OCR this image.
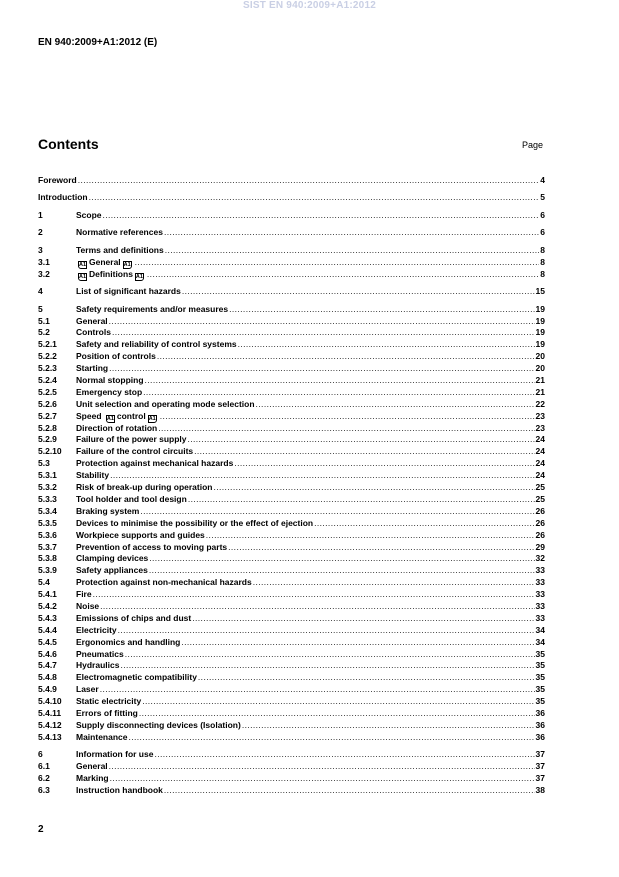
SIST EN 940:2009+A1:2012
EN 940:2009+A1:2012 (E)
Contents	Page
Foreword .....	4
Introduction .....	5
1	Scope .....	6
2	Normative references .....	6
3	Terms and definitions .....	8
3.1	A1 General A1 .....	8
3.2	A1 Definitions A1 .....	8
4	List of significant hazards .....	15
5	Safety requirements and/or measures .....	19
5.1	General .....	19
5.2	Controls .....	19
5.2.1	Safety and reliability of control systems .....	19
5.2.2	Position of controls .....	20
5.2.3	Starting .....	20
5.2.4	Normal stopping .....	21
5.2.5	Emergency stop .....	21
5.2.6	Unit selection and operating mode selection .....	22
5.2.7	Speed A1 control A1 .....	23
5.2.8	Direction of rotation .....	23
5.2.9	Failure of the power supply .....	24
5.2.10	Failure of the control circuits .....	24
5.3	Protection against mechanical hazards .....	24
5.3.1	Stability .....	24
5.3.2	Risk of break-up during operation .....	25
5.3.3	Tool holder and tool design .....	25
5.3.4	Braking system .....	26
5.3.5	Devices to minimise the possibility or the effect of ejection .....	26
5.3.6	Workpiece supports and guides .....	26
5.3.7	Prevention of access to moving parts .....	29
5.3.8	Clamping devices .....	32
5.3.9	Safety appliances .....	33
5.4	Protection against non-mechanical hazards .....	33
5.4.1	Fire .....	33
5.4.2	Noise .....	33
5.4.3	Emissions of chips and dust .....	33
5.4.4	Electricity .....	34
5.4.5	Ergonomics and handling .....	34
5.4.6	Pneumatics .....	35
5.4.7	Hydraulics .....	35
5.4.8	Electromagnetic compatibility .....	35
5.4.9	Laser .....	35
5.4.10	Static electricity .....	35
5.4.11	Errors of fitting .....	36
5.4.12	Supply disconnecting devices (Isolation) .....	36
5.4.13	Maintenance .....	36
6	Information for use .....	37
6.1	General .....	37
6.2	Marking .....	37
6.3	Instruction handbook .....	38
2
